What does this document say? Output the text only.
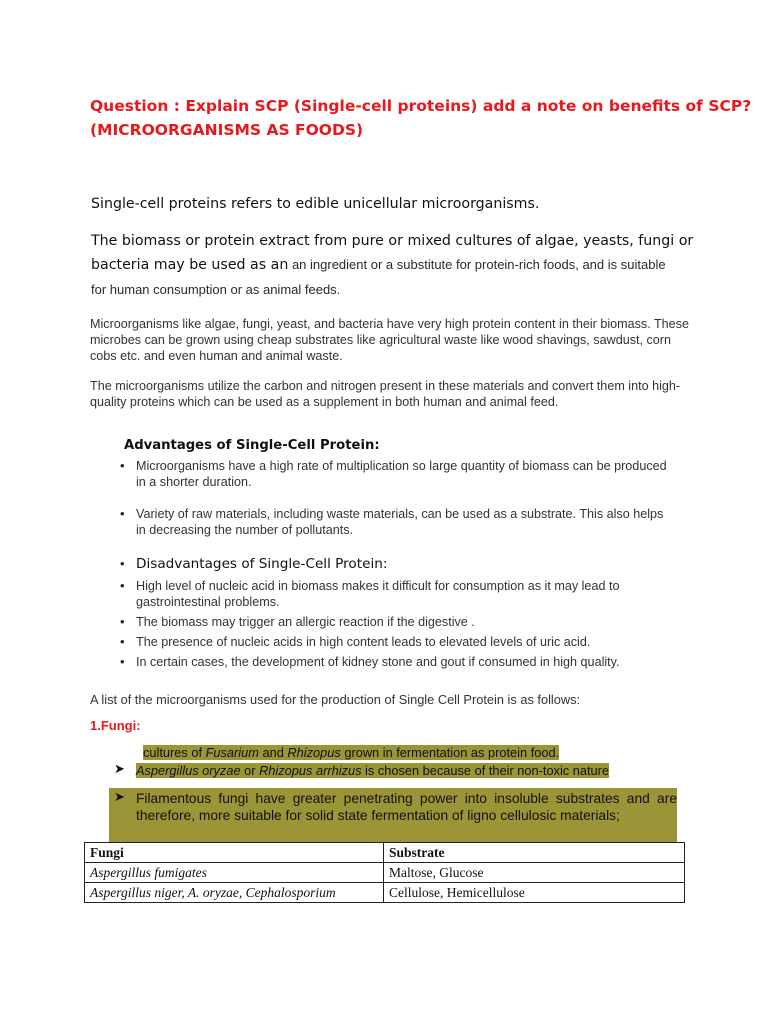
Question : Explain SCP (Single-cell proteins) add a note on benefits of SCP?
(MICROORGANISMS AS FOODS)
Single-cell proteins refers to edible unicellular microorganisms.
The biomass or protein extract from pure or mixed cultures of algae, yeasts, fungi or
bacteria may be used as an an ingredient or a substitute for protein-rich foods, and is suitable
for human consumption or as animal feeds.
Microorganisms like algae, fungi, yeast, and bacteria have very high protein content in their biomass. These microbes can be grown using cheap substrates like agricultural waste like wood shavings, sawdust, corn cobs etc. and even human and animal waste.
The microorganisms utilize the carbon and nitrogen present in these materials and convert them into high-quality proteins which can be used as a supplement in both human and animal feed.
Advantages of Single-Cell Protein:
• Microorganisms have a high rate of multiplication so large quantity of biomass can be produced in a shorter duration.
• Variety of raw materials, including waste materials, can be used as a substrate. This also helps in decreasing the number of pollutants.
• Disadvantages of Single-Cell Protein:
• High level of nucleic acid in biomass makes it difficult for consumption as it may lead to gastrointestinal problems.
• The biomass may trigger an allergic reaction if the digestive .
• The presence of nucleic acids in high content leads to elevated levels of uric acid.
• In certain cases, the development of kidney stone and gout if consumed in high quality.
A list of the microorganisms used for the production of Single Cell Protein is as follows:
1.Fungi:
cultures of Fusarium and Rhizopus grown in fermentation as protein food.
➤ Aspergillus oryzae or Rhizopus arrhizus is chosen because of their non-toxic nature
➤ Filamentous fungi have greater penetrating power into insoluble substrates and are therefore, more suitable for solid state fermentation of ligno cellulosic materials;
Fungi	Substrate
Aspergillus fumigates	Maltose, Glucose
Aspergillus niger, A. oryzae, Cephalosporium	Cellulose, Hemicellulose
